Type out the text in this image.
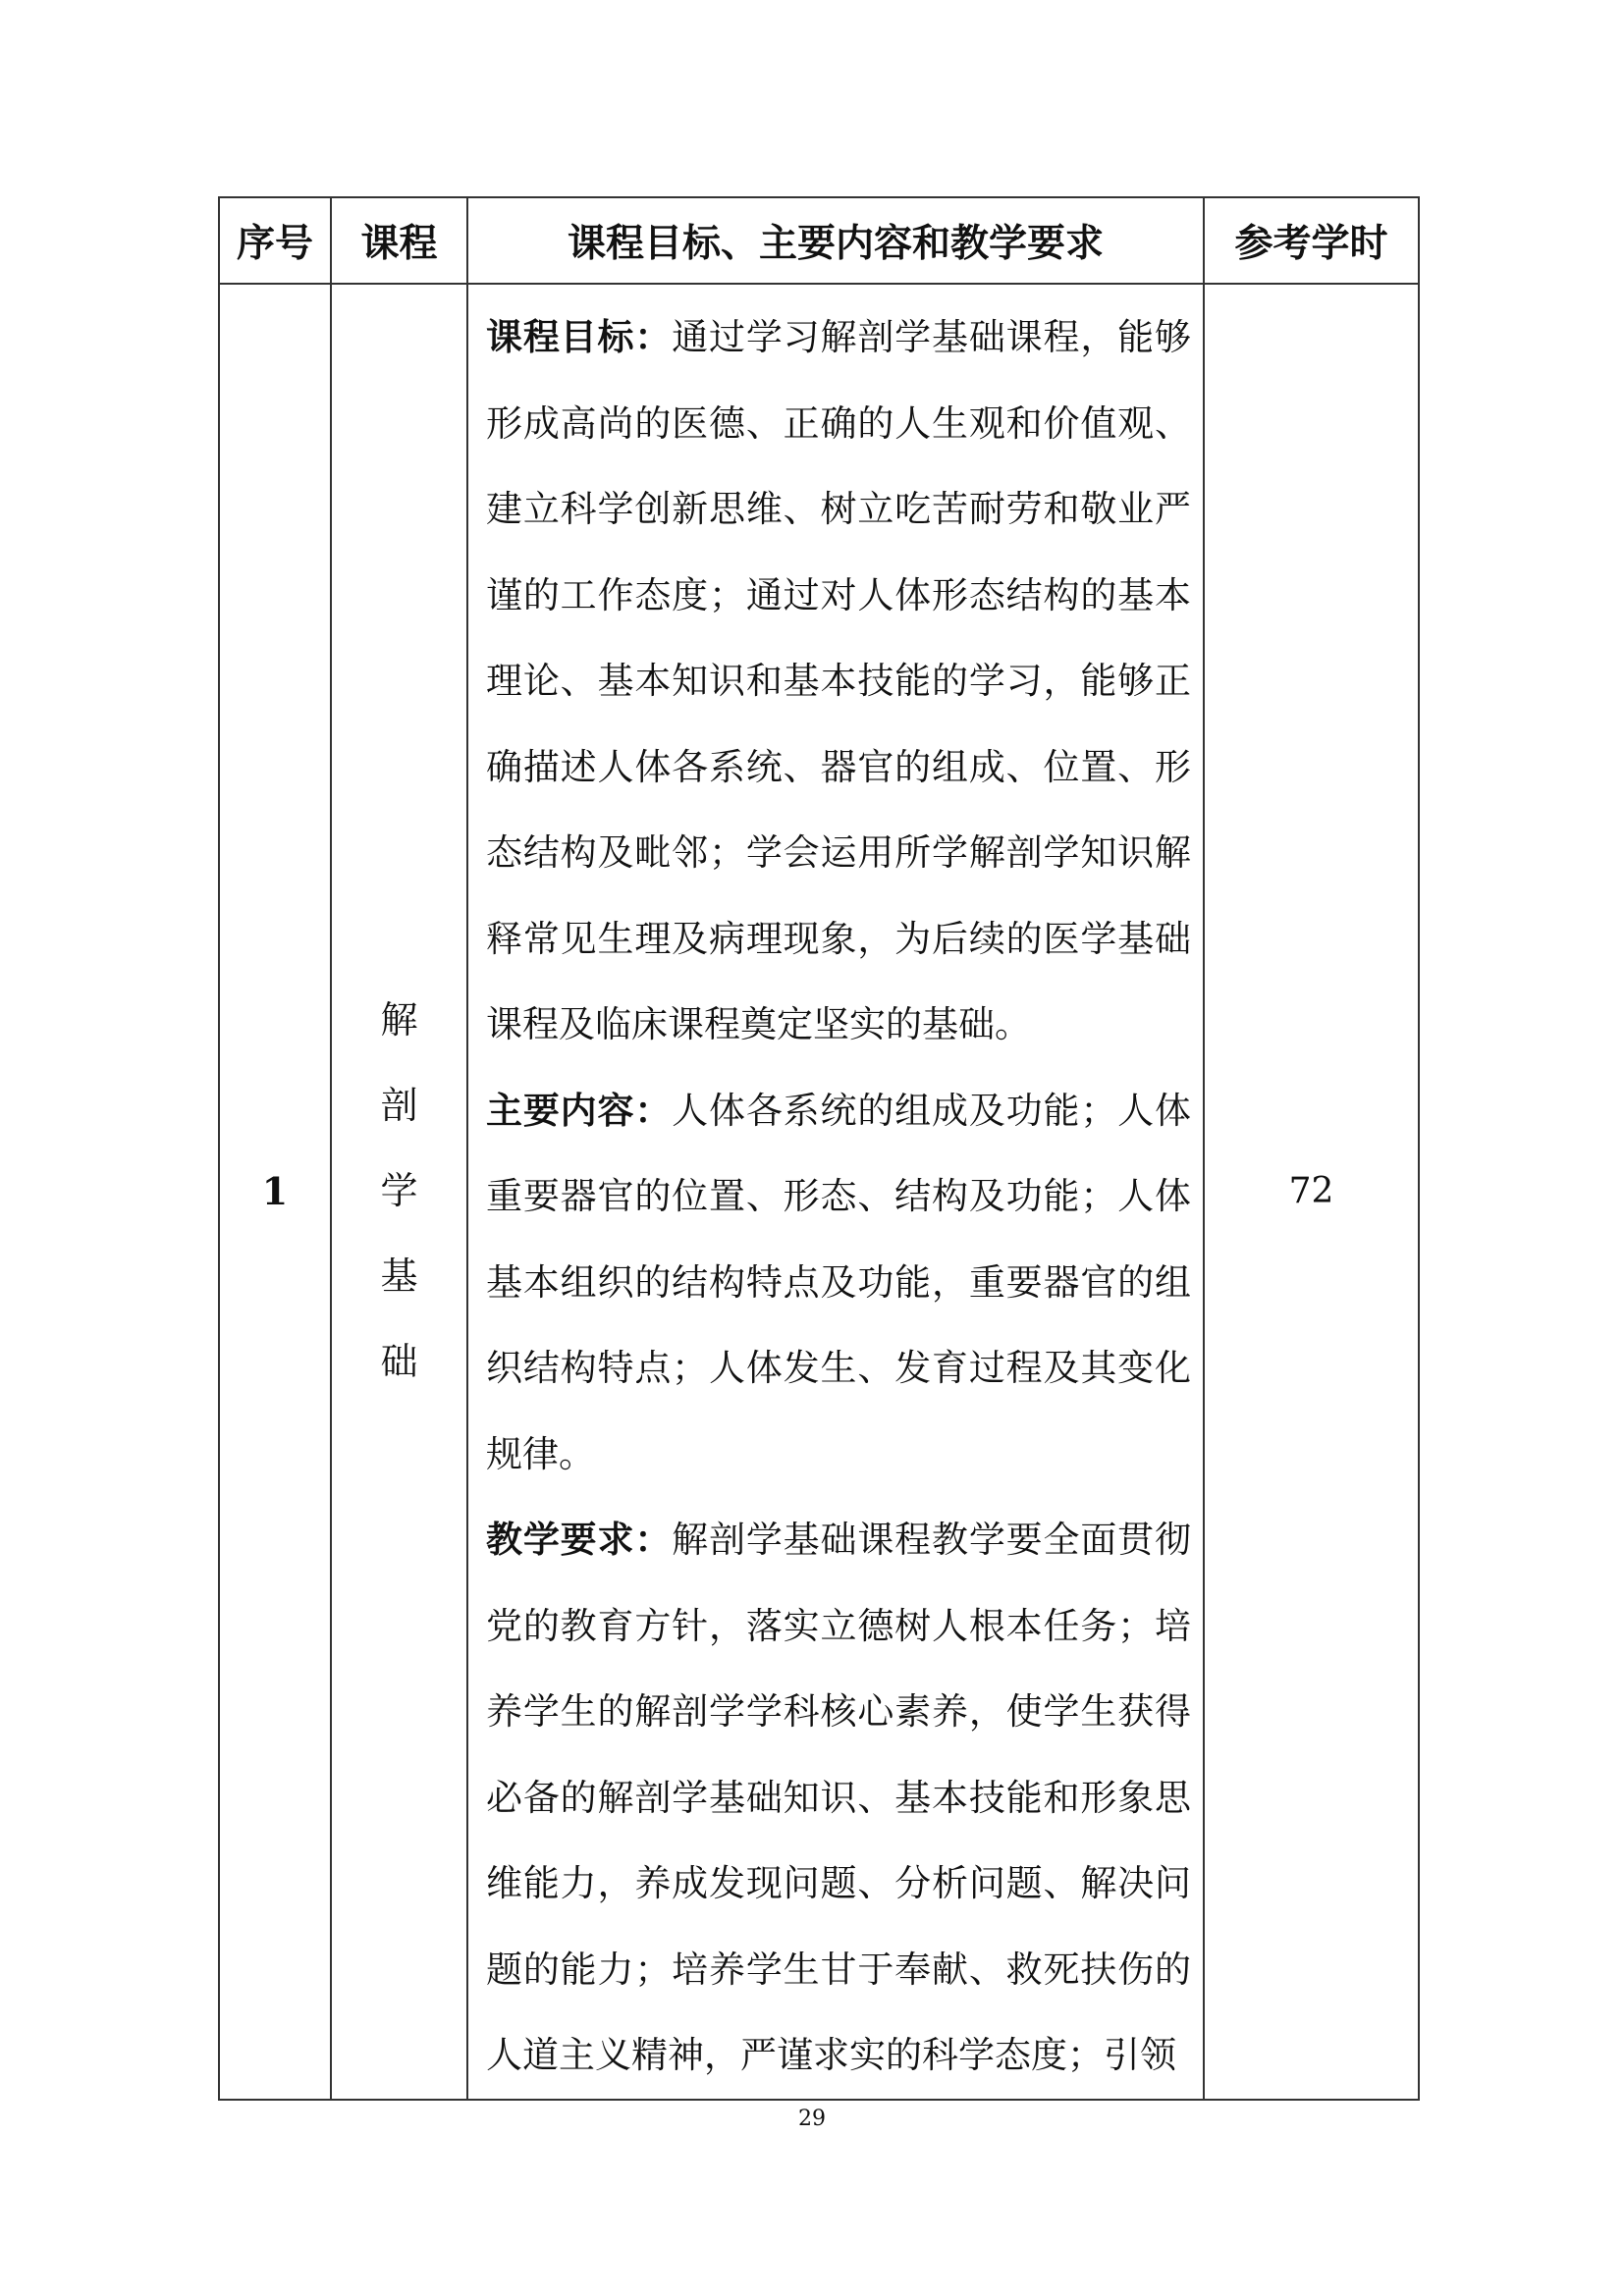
序号	课程	课程目标、主要内容和教学要求	参考学时
1	解剖学基础	课程目标：通过学习解剖学基础课程，能够形成高尚的医德、正确的人生观和价值观、建立科学创新思维、树立吃苦耐劳和敬业严谨的工作态度；通过对人体形态结构的基本理论、基本知识和基本技能的学习，能够正确描述人体各系统、器官的组成、位置、形态结构及毗邻；学会运用所学解剖学知识解释常见生理及病理现象，为后续的医学基础课程及临床课程奠定坚实的基础。

主要内容：人体各系统的组成及功能；人体重要器官的位置、形态、结构及功能；人体基本组织的结构特点及功能，重要器官的组织结构特点；人体发生、发育过程及其变化规律。

教学要求：解剖学基础课程教学要全面贯彻党的教育方针，落实立德树人根本任务；培养学生的解剖学学科核心素养，使学生获得必备的解剖学基础知识、基本技能和形象思维能力，养成发现问题、分析问题、解决问题的能力；培养学生甘于奉献、救死扶伤的人道主义精神，严谨求实的科学态度；引领	72
29
